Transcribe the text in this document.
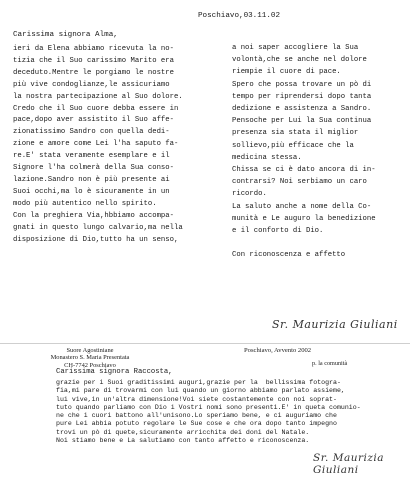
Poschiavo,03.11.02
Carissima signora Alma,
ieri da Elena abbiamo ricevuta la no-
tizia che il Suo carissimo Marito era
deceduto.Mentre le porgiamo le nostre
più vive condoglianze,le assicuriamo
la nostra partecipazione al Suo dolore.
Credo che il Suo cuore debba essere in
pace,dopo aver assistito il Suo affe-
zionatissimo Sandro con quella dedi-
zione e amore come Lei l'ha saputo fa-
re.E' stata veramente esemplare e il
Signore l'ha colmerà della Sua conso-
lazione.Sandro non è più presente ai
Suoi occhi,ma lo è sicuramente in un
modo più autentico nello spirito.
Con la preghiera Via,hbbiamo accompa-
gnati in questo lungo calvario,ma nella
disposizione di Dio,tutto ha un senso,
a noi saper accogliere la Sua
volontà,che se anche nel dolore
riempie il cuore di pace.
Spero che possa trovare un pò di
tempo per riprendersi dopo tanta
dedizione e assistenza a Sandro.
Pensoche per Lui la Sua continua
presenza sia stata il miglior
sollievo,più efficace che la
medicina stessa.
Chissa se ci è dato ancora di in-
contrarsi? Noi serbiamo un caro
ricordo.
La saluto anche a nome della Co-
munità e Le auguro la benedizione
e il conforto di Dio.

Con riconoscenza e affetto
Sr. Maurizia Giuliani
Suore Agostiniane
Monastero S. Maria Presentata
CH-7742 Poschiavo
Poschiavo, Avvento 2002
p. la comunità
Carissima signora Raccosta,
grazie per i Suoi graditissimi auguri,grazie per la  bellissima fotogra-
fia,mi pare di trovarmi con lui quando un giorno abbiamo parlato assieme,
lui vive,in un'altra dimensione!Voi siete costantemente con noi soprat-
tuto quando parliamo con Dio i Vostri nomi sono presenti.E' in queta comunio-
ne che i cuori battono all'unisono.Lo speriamo bene, e ci auguriamo che
pure Lei abbia potuto regolare le Sue cose e che ora dopo tanto impegno
trovi un pò di quete,sicuramente arricchita dei doni del Natale.
Noi stiamo bene e La salutiamo con tanto affetto e riconoscenza.
Sr. Maurizia Giuliani
